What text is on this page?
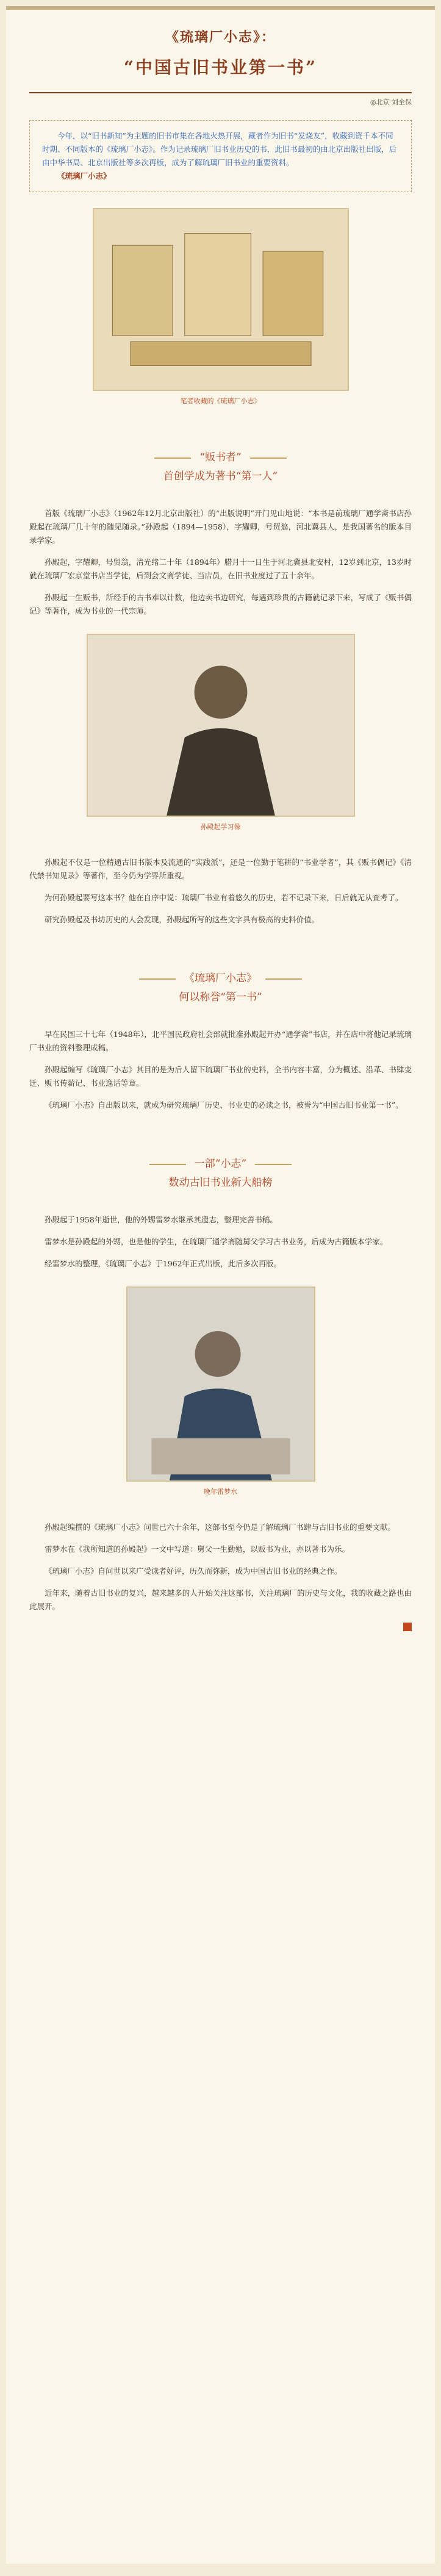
《琉璃厂小志》：
“中国古旧书业第一书”
◎北京 刘全保

今年，以“旧书新知”为主题的旧书市集在各地火热开展，藏者作为旧书“发烧友”，收藏到资千本不同时期、不同版本的《琉璃厂小志》。作为记录琉璃厂旧书业历史的书，此旧书最初的由北京出版社出版，后由中华书局、北京出版社等多次再版，成为了解琉璃厂旧书业的重要资料。

《琉璃厂小志》

笔者收藏的《琉璃厂小志》
“贩书者”
首创学成为著书“第一人”

首版《琉璃厂小志》（1962年12月北京出版社）的“出版说明”开门见山地说：“本书是前琉璃厂通学斋书店孙殿起在琉璃厂几十年的随见随录。”孙殿起（1894—1958），字耀卿，号贸翁，河北冀县人，是我国著名的版本目录学家。

孙殿起，字耀卿，号贸翁，清光绪二十年（1894年）腊月十一日生于河北冀县北安村，12岁到北京，13岁时就在琉璃厂宏京堂书店当学徒，后到会文斋学徒、当店员，在旧书业度过了五十余年。

孙殿起一生贩书，所经手的古书难以计数，他边卖书边研究，每遇到珍贵的古籍就记录下来，写成了《贩书偶记》等著作，成为书业的一代宗师。

孙殿起学习像

孙殿起不仅是一位精通古旧书版本及流通的“实践派”，还是一位勤于笔耕的“书业学者”，其《贩书偶记》《清代禁书知见录》等著作，至今仍为学界所重视。

为何孙殿起要写这本书？他在自序中说：琉璃厂书业有着悠久的历史，若不记录下来，日后就无从查考了。

研究孙殿起及书坊历史的人会发现，孙殿起所写的这些文字具有极高的史料价值。

《琉璃厂小志》
何以称誉“第一书”

早在民国三十七年（1948年），北平国民政府社会部就批准孙殿起开办“通学斋”书店，并在店中将他记录琉璃厂书业的资料整理成稿。

孙殿起编写《琉璃厂小志》其目的是为后人留下琉璃厂书业的史料，全书内容丰富，分为概述、沿革、书肆变迁、贩书传薪记、书业逸话等章。

《琉璃厂小志》自出版以来，就成为研究琉璃厂历史、书业史的必读之书，被誉为“中国古旧书业第一书”。

一部“小志”
数动古旧书业新大船榜

孙殿起于1958年逝世，他的外甥雷梦水继承其遗志，整理完善书稿。

雷梦水是孙殿起的外甥，也是他的学生，在琉璃厂通学斋随舅父学习古书业务，后成为古籍版本学家。

经雷梦水的整理，《琉璃厂小志》于1962年正式出版，此后多次再版。

晚年雷梦水

孙殿起编撰的《琉璃厂小志》问世已六十余年，这部书至今仍是了解琉璃厂书肆与古旧书业的重要文献。

雷梦水在《我所知道的孙殿起》一文中写道：舅父一生勤勉，以贩书为业，亦以著书为乐。

《琉璃厂小志》自问世以来广受读者好评，历久而弥新，成为中国古旧书业的经典之作。

近年来，随着古旧书业的复兴，越来越多的人开始关注这部书，关注琉璃厂的历史与文化，我的收藏之路也由此展开。
